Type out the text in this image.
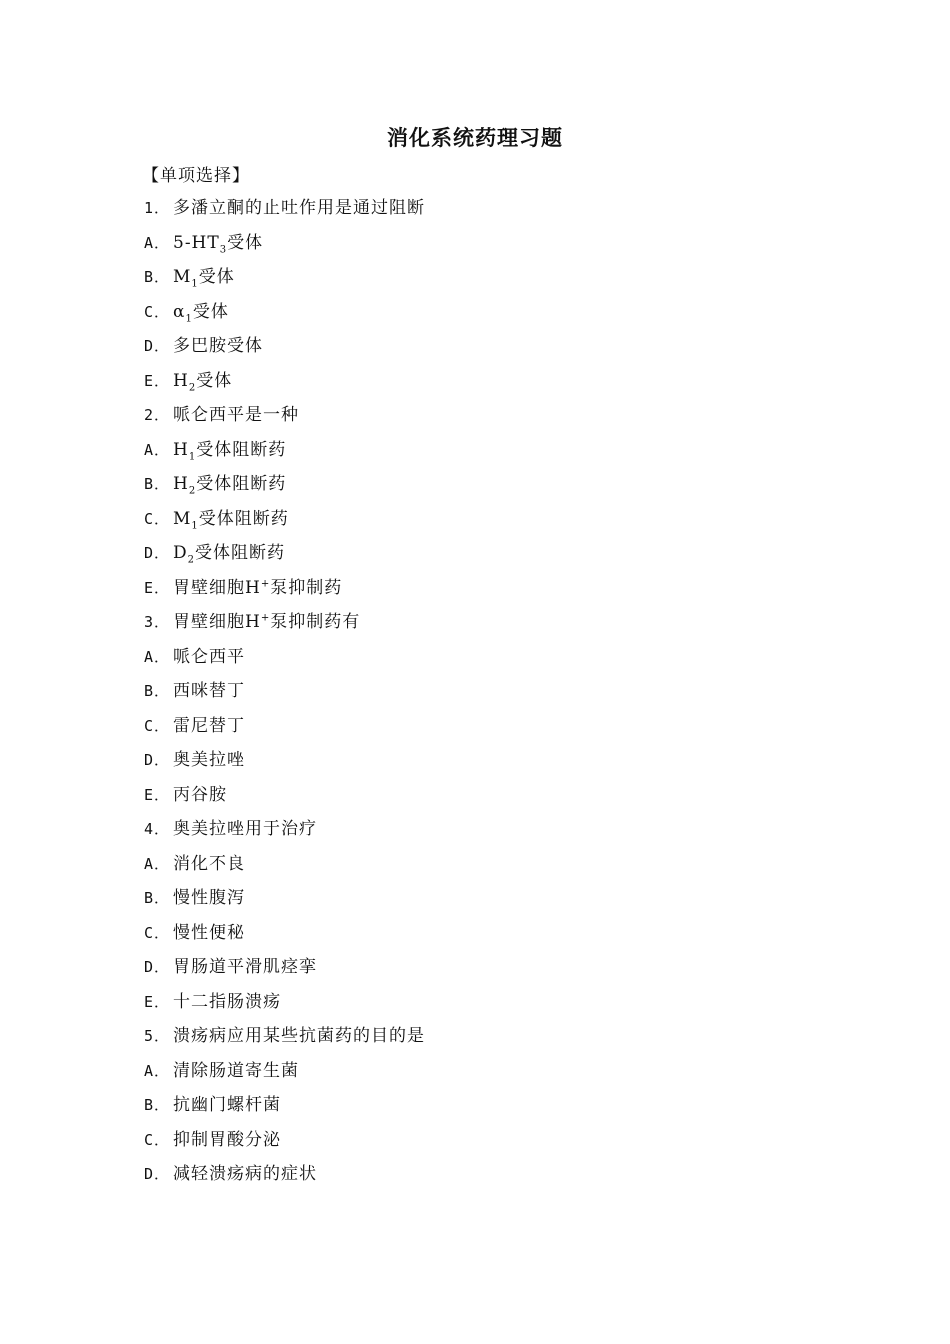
消化系统药理习题
【单项选择】
1． 多潘立酮的止吐作用是通过阻断
A． $5-HT_3$受体
B． $M_1$受体
C． $\alpha_1$受体
D． 多巴胺受体
E． $H_2$受体
2． 哌仑西平是一种
A． $H_1$受体阻断药
B． $H_2$受体阻断药
C． $M_1$受体阻断药
D． $D_2$受体阻断药
E． 胃壁细胞H+泵抑制药
3． 胃壁细胞H+泵抑制药有
A． 哌仑西平
B． 西咪替丁
C． 雷尼替丁
D． 奥美拉唑
E． 丙谷胺
4． 奥美拉唑用于治疗
A． 消化不良
B． 慢性腹泻
C． 慢性便秘
D． 胃肠道平滑肌痉挛
E． 十二指肠溃疡
5． 溃疡病应用某些抗菌药的目的是
A． 清除肠道寄生菌
B． 抗幽门螺杆菌
C． 抑制胃酸分泌
D． 减轻溃疡病的症状
